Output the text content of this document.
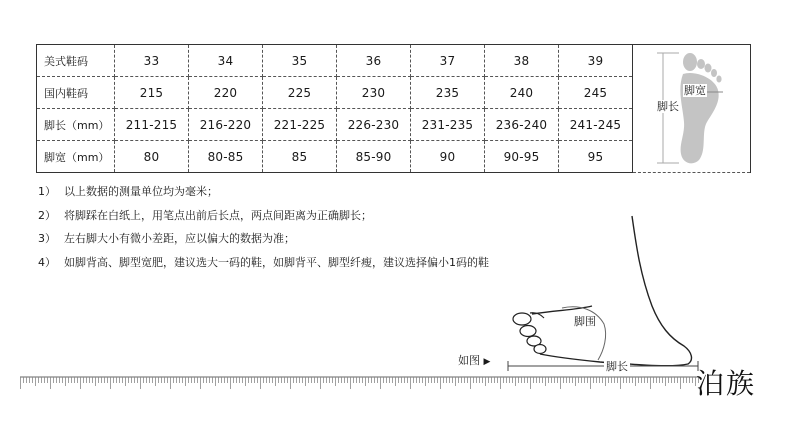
美式鞋码	33	34	35	36	37	38	39	
国内鞋码	215	220	225	230	235	240	245	
脚长（mm）	211-215	216-220	221-225	226-230	231-235	236-240	241-245	
脚宽（mm）	80	80-85	85	85-90	90	90-95	95	
脚宽
脚长
1） 以上数据的测量单位均为毫米；
2） 将脚踩在白纸上，用笔点出前后长点，两点间距离为正确脚长；
3） 左右脚大小有微小差距，应以偏大的数据为准；
4） 如脚背高、脚型宽肥，建议选大一码的鞋，如脚背平、脚型纤瘦，建议选择偏小1码的鞋
脚围
脚长
如图 ▶
泊族
